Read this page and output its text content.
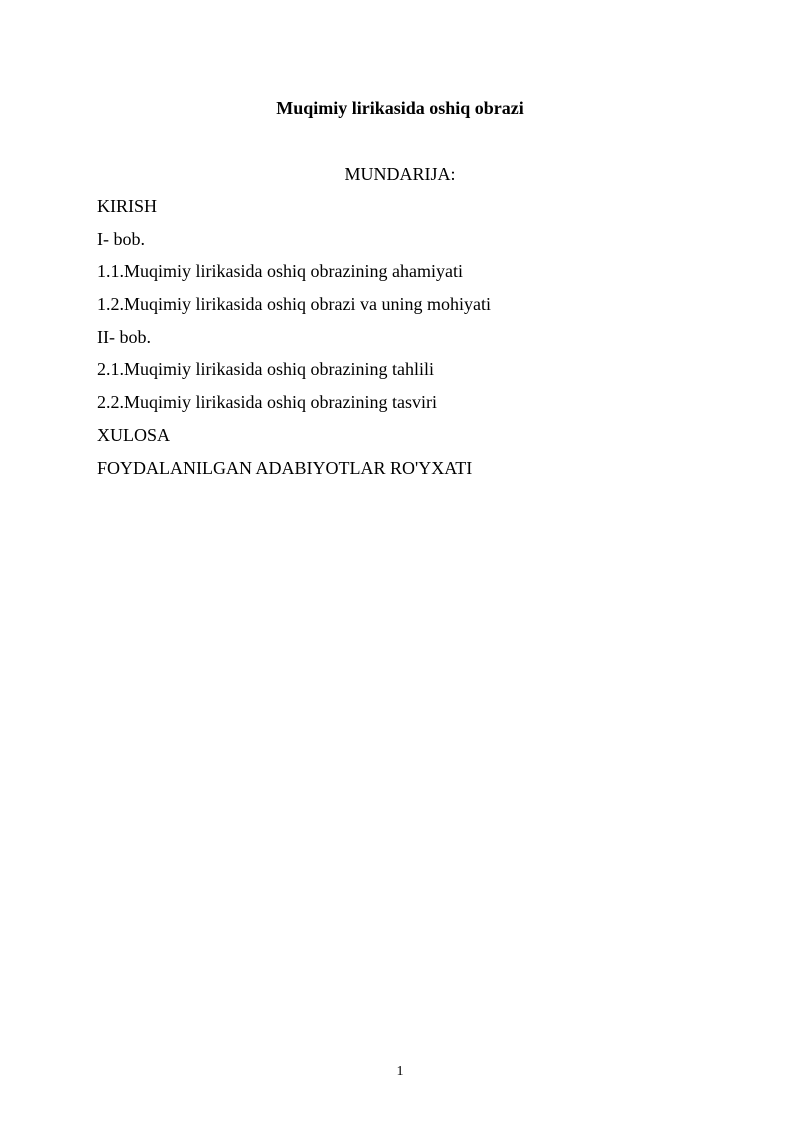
Muqimiy lirikasida oshiq obrazi
MUNDARIJA:
KIRISH
I- bob.
1.1.Muqimiy lirikasida oshiq obrazining ahamiyati
1.2.Muqimiy lirikasida oshiq obrazi va uning mohiyati
II- bob.
2.1.Muqimiy lirikasida oshiq obrazining tahlili
2.2.Muqimiy lirikasida oshiq obrazining tasviri
XULOSA
FOYDALANILGAN ADABIYOTLAR RO'YXATI
1
